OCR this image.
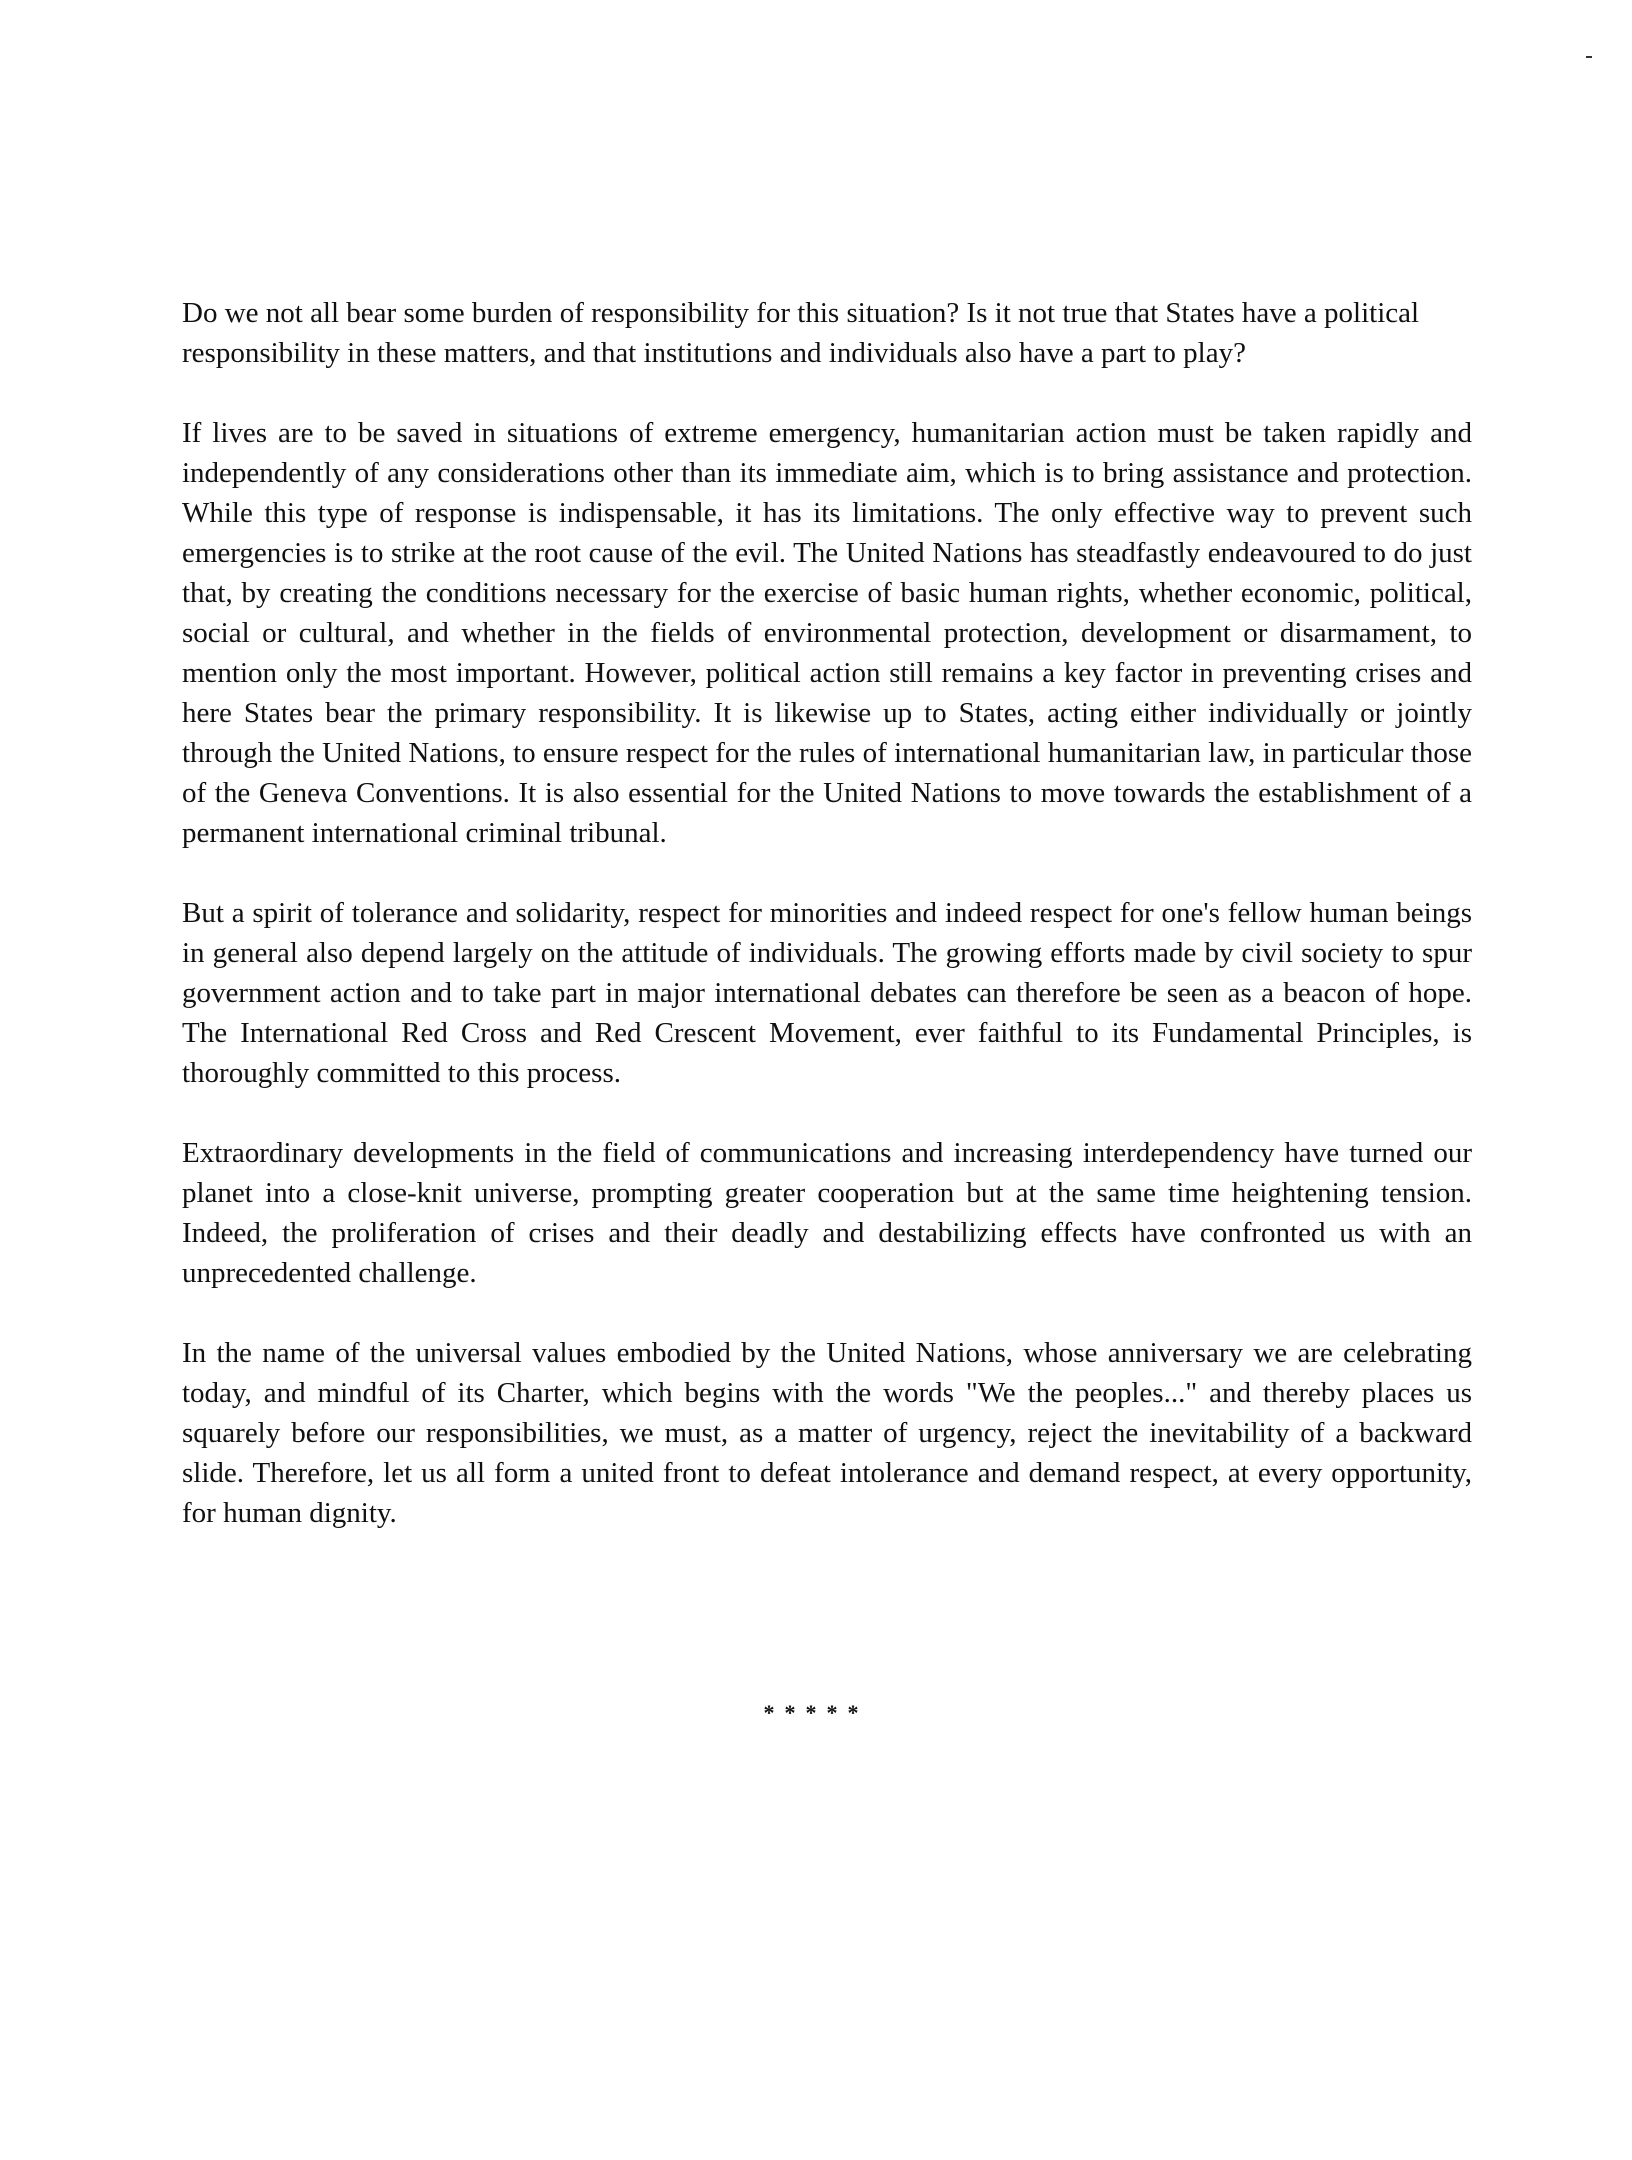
Do we not all bear some burden of responsibility for this situation? Is it not true that States have a political responsibility in these matters, and that institutions and individuals also have a part to play?

If lives are to be saved in situations of extreme emergency, humanitarian action must be taken rapidly and independently of any considerations other than its immediate aim, which is to bring assistance and protection. While this type of response is indispensable, it has its limitations. The only effective way to prevent such emergencies is to strike at the root cause of the evil. The United Nations has steadfastly endeavoured to do just that, by creating the conditions necessary for the exercise of basic human rights, whether economic, political, social or cultural, and whether in the fields of environmental protection, development or disarmament, to mention only the most important. However, political action still remains a key factor in preventing crises and here States bear the primary responsibility. It is likewise up to States, acting either individually or jointly through the United Nations, to ensure respect for the rules of international humanitarian law, in particular those of the Geneva Conventions. It is also essential for the United Nations to move towards the establishment of a permanent international criminal tribunal.

But a spirit of tolerance and solidarity, respect for minorities and indeed respect for one's fellow human beings in general also depend largely on the attitude of individuals. The growing efforts made by civil society to spur government action and to take part in major international debates can therefore be seen as a beacon of hope. The International Red Cross and Red Crescent Movement, ever faithful to its Fundamental Principles, is thoroughly committed to this process.

Extraordinary developments in the field of communications and increasing interdependency have turned our planet into a close-knit universe, prompting greater cooperation but at the same time heightening tension. Indeed, the proliferation of crises and their deadly and destabilizing effects have confronted us with an unprecedented challenge.

In the name of the universal values embodied by the United Nations, whose anniversary we are celebrating today, and mindful of its Charter, which begins with the words "We the peoples..." and thereby places us squarely before our responsibilities, we must, as a matter of urgency, reject the inevitability of a backward slide. Therefore, let us all form a united front to defeat intolerance and demand respect, at every opportunity, for human dignity.

*****
